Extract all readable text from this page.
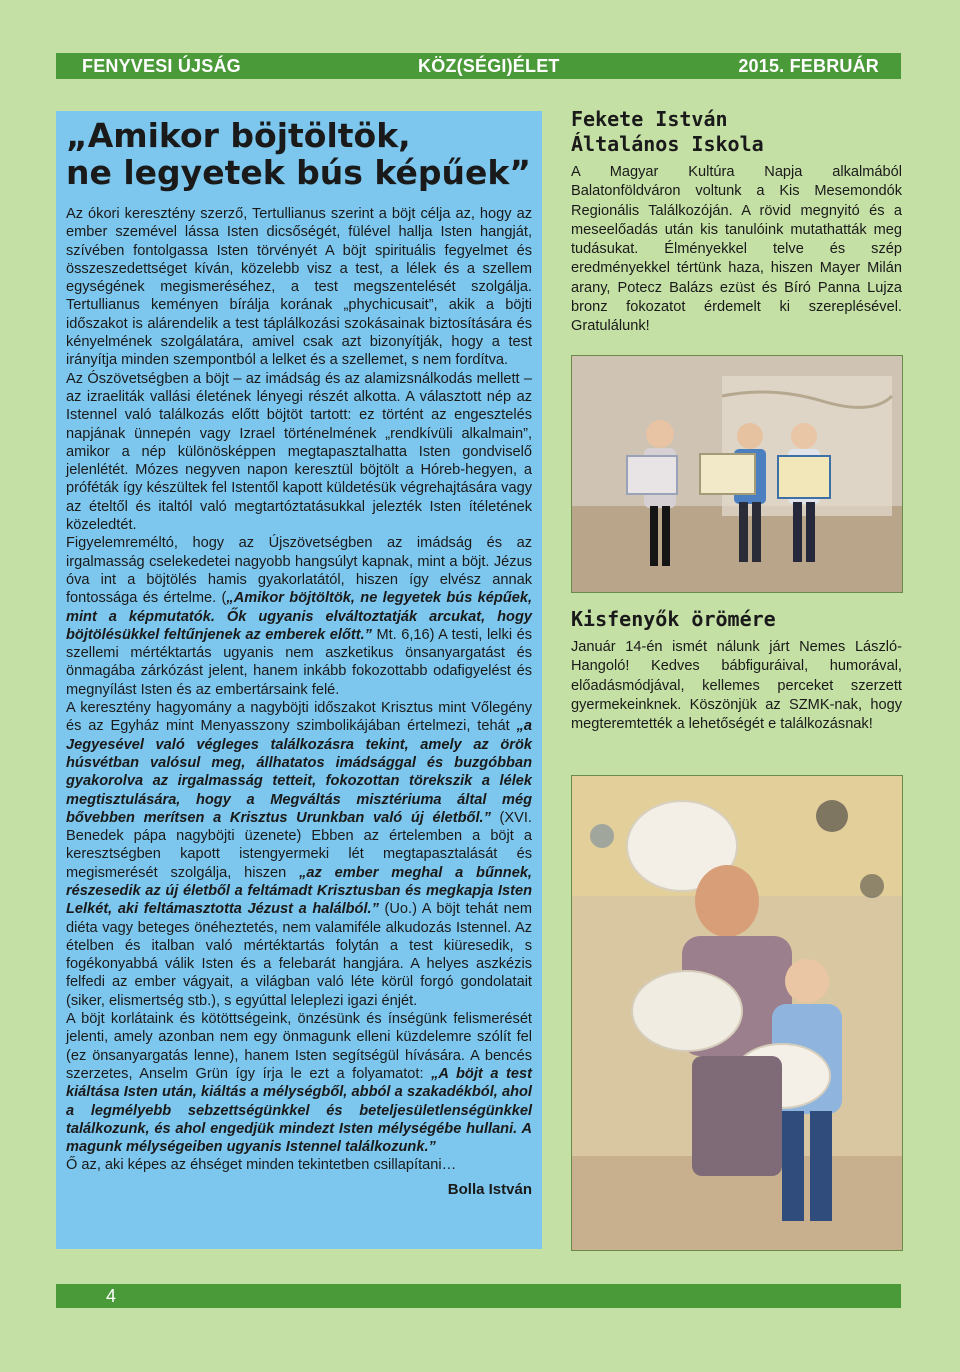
FENYVESI ÚJSÁG	KÖZ(SÉGI)ÉLET	2015. FEBRUÁR
„Amikor böjtöltök,
ne legyetek bús képűek”

Az ókori keresztény szerző, Tertullianus szerint a böjt célja az, hogy az ember szemével lássa Isten dicsőségét, fülével hallja Isten hangját, szívében fontolgassa Isten törvényét A böjt spirituális fegyelmet és összeszedettséget kíván, közelebb visz a test, a lélek és a szellem egységének megismeréséhez, a test megszentelését szolgálja. Tertullianus keményen bírálja korának „phychicusait”, akik a böjti időszakot is alárendelik a test táplálkozási szokásainak biztosítására és kényelmének szolgálatára, amivel csak azt bizonyítják, hogy a test irányítja minden szempontból a lelket és a szellemet, s nem fordítva.

Az Ószövetségben a böjt – az imádság és az alamizsnálkodás mellett – az izraeliták vallási életének lényegi részét alkotta. A választott nép az Istennel való találkozás előtt böjtöt tartott: ez történt az engesztelés napjának ünnepén vagy Izrael történelmének „rendkívüli alkalmain”, amikor a nép különösképpen megtapasztalhatta Isten gondviselő jelenlétét. Mózes negyven napon keresztül böjtölt a Hóreb-hegyen, a próféták így készültek fel Istentől kapott küldetésük végrehajtására vagy az ételtől és italtól való megtartóztatásukkal jelezték Isten ítéletének közeledtét.

Figyelemreméltó, hogy az Újszövetségben az imádság és az irgalmasság cselekedetei nagyobb hangsúlyt kapnak, mint a böjt. Jézus óva int a böjtölés hamis gyakorlatától, hiszen így elvész annak fontossága és értelme. („Amikor böjtöltök, ne legyetek bús képűek, mint a képmutatók. Ők ugyanis elváltoztatják arcukat, hogy böjtölésükkel feltűnjenek az emberek előtt.” Mt. 6,16) A testi, lelki és szellemi mértéktartás ugyanis nem aszketikus önsanyargatást és önmagába zárkózást jelent, hanem inkább fokozottabb odafigyelést és megnyílást Isten és az embertársaink felé.

A keresztény hagyomány a nagyböjti időszakot Krisztus mint Vőlegény és az Egyház mint Menyasszony szimbolikájában értelmezi, tehát „a Jegyesével való végleges találkozásra tekint, amely az örök húsvétban valósul meg, állhatatos imádsággal és buzgóbban gyakorolva az irgalmasság tetteit, fokozottan törekszik a lélek megtisztulására, hogy a Megváltás misztériuma által még bővebben merítsen a Krisztus Urunkban való új életből.” (XVI. Benedek pápa nagyböjti üzenete) Ebben az értelemben a böjt a keresztségben kapott istengyermeki lét megtapasztalását és megismerését szolgálja, hiszen „az ember meghal a bűnnek, részesedik az új életből a feltámadt Krisztusban és megkapja Isten Lelkét, aki feltámasztotta Jézust a halálból.” (Uo.) A böjt tehát nem diéta vagy beteges önéheztetés, nem valamiféle alkudozás Istennel. Az ételben és italban való mértéktartás folytán a test kiüresedik, s fogékonyabbá válik Isten és a felebarát hangjára. A helyes aszkézis felfedi az ember vágyait, a világban való léte körül forgó gondolatait (siker, elismertség stb.), s egyúttal leleplezi igazi énjét.

A böjt korlátaink és kötöttségeink, önzésünk és ínségünk felismerését jelenti, amely azonban nem egy önmagunk elleni küzdelemre szólít fel (ez önsanyargatás lenne), hanem Isten segítségül hívására. A bencés szerzetes, Anselm Grün így írja le ezt a folyamatot: „A böjt a test kiáltása Isten után, kiáltás a mélységből, abból a szakadékból, ahol a legmélyebb sebzettségünkkel és beteljesületlenségünkkel találkozunk, és ahol engedjük mindezt Isten mélységébe hullani. A magunk mélységeiben ugyanis Istennel találkozunk.”

Ő az, aki képes az éhséget minden tekintetben csillapítani…

Bolla István
Fekete István
Általános Iskola

A Magyar Kultúra Napja alkalmából Balatonföldváron voltunk a Kis Mesemondók Regionális Találkozóján. A rövid megnyitó és a meseelőadás után kis tanulóink mutathatták meg tudásukat. Élményekkel telve és szép eredményekkel tértünk haza, hiszen Mayer Milán arany, Potecz Balázs ezüst és Bíró Panna Lujza bronz fokozatot érdemelt ki szereplésével. Gratulálunk!

Kisfenyők örömére

Január 14-én ismét nálunk járt Nemes László-Hangoló! Kedves bábfiguráival, humorával, előadásmódjával, kellemes perceket szerzett gyermekeinknek. Köszönjük az SZMK-nak, hogy megteremtették a lehetőségét e találkozásnak!

4
